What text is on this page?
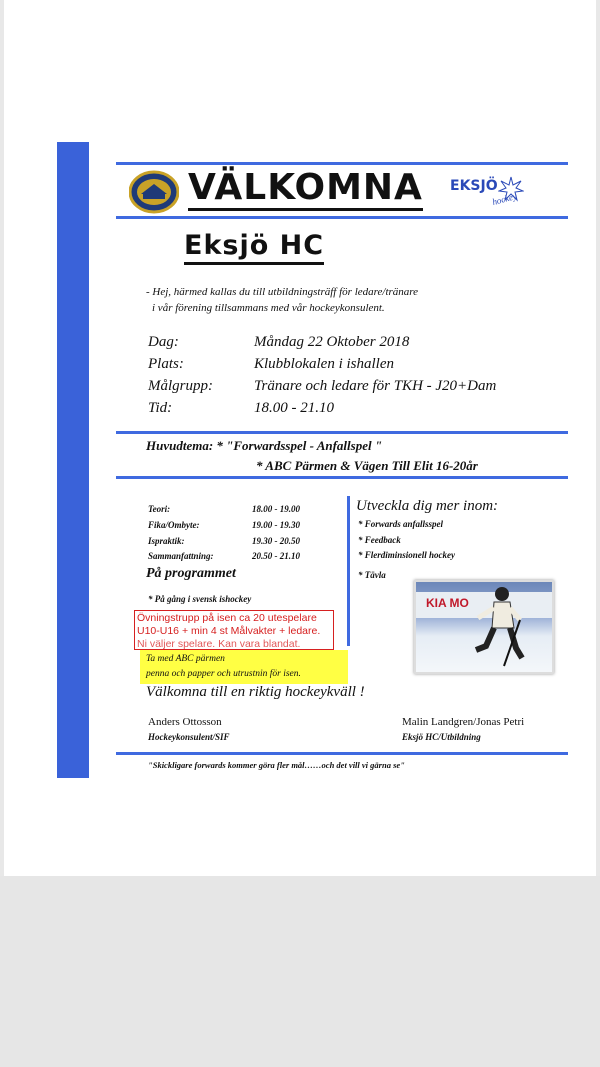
VÄLKOMNA EKSJÖ
hockey
Eksjö HC
- Hej, härmed kallas du till utbildningsträff för ledare/tränare
i vår förening tillsammans med vår hockeykonsulent.
Dag:	Måndag 22 Oktober 2018
Plats:	Klubblokalen i ishallen
Målgrupp:	Tränare och ledare för TKH - J20+Dam
Tid:	18.00 - 21.10
Huvudtema: * "Forwardsspel - Anfallspel "
* ABC Pärmen & Vägen Till Elit 16-20år
Teori:	18.00 - 19.00
Fika/Ombyte:	19.00 - 19.30
Ispraktik:	19.30 - 20.50
Sammanfattning:	20.50 - 21.10
På programmet
* På gång i svensk ishockey
Övningstrupp på isen ca 20 utespelare
U10-U16 + min 4 st Målvakter + ledare.
Ni väljer spelare. Kan vara blandat.
Ta med ABC pärmen
penna och papper och utrustnin för isen.
Utveckla dig mer inom:
* Forwards anfallsspel
* Feedback
* Flerdiminsionell hockey
* Tävla
KIA MO
Välkomna till en riktig hockeykväll !
Anders Ottosson
Hockeykonsulent/SIF
Malin Landgren/Jonas Petri
Eksjö HC/Utbildning
"Skickligare forwards kommer göra fler mål……och det vill vi gärna se"
